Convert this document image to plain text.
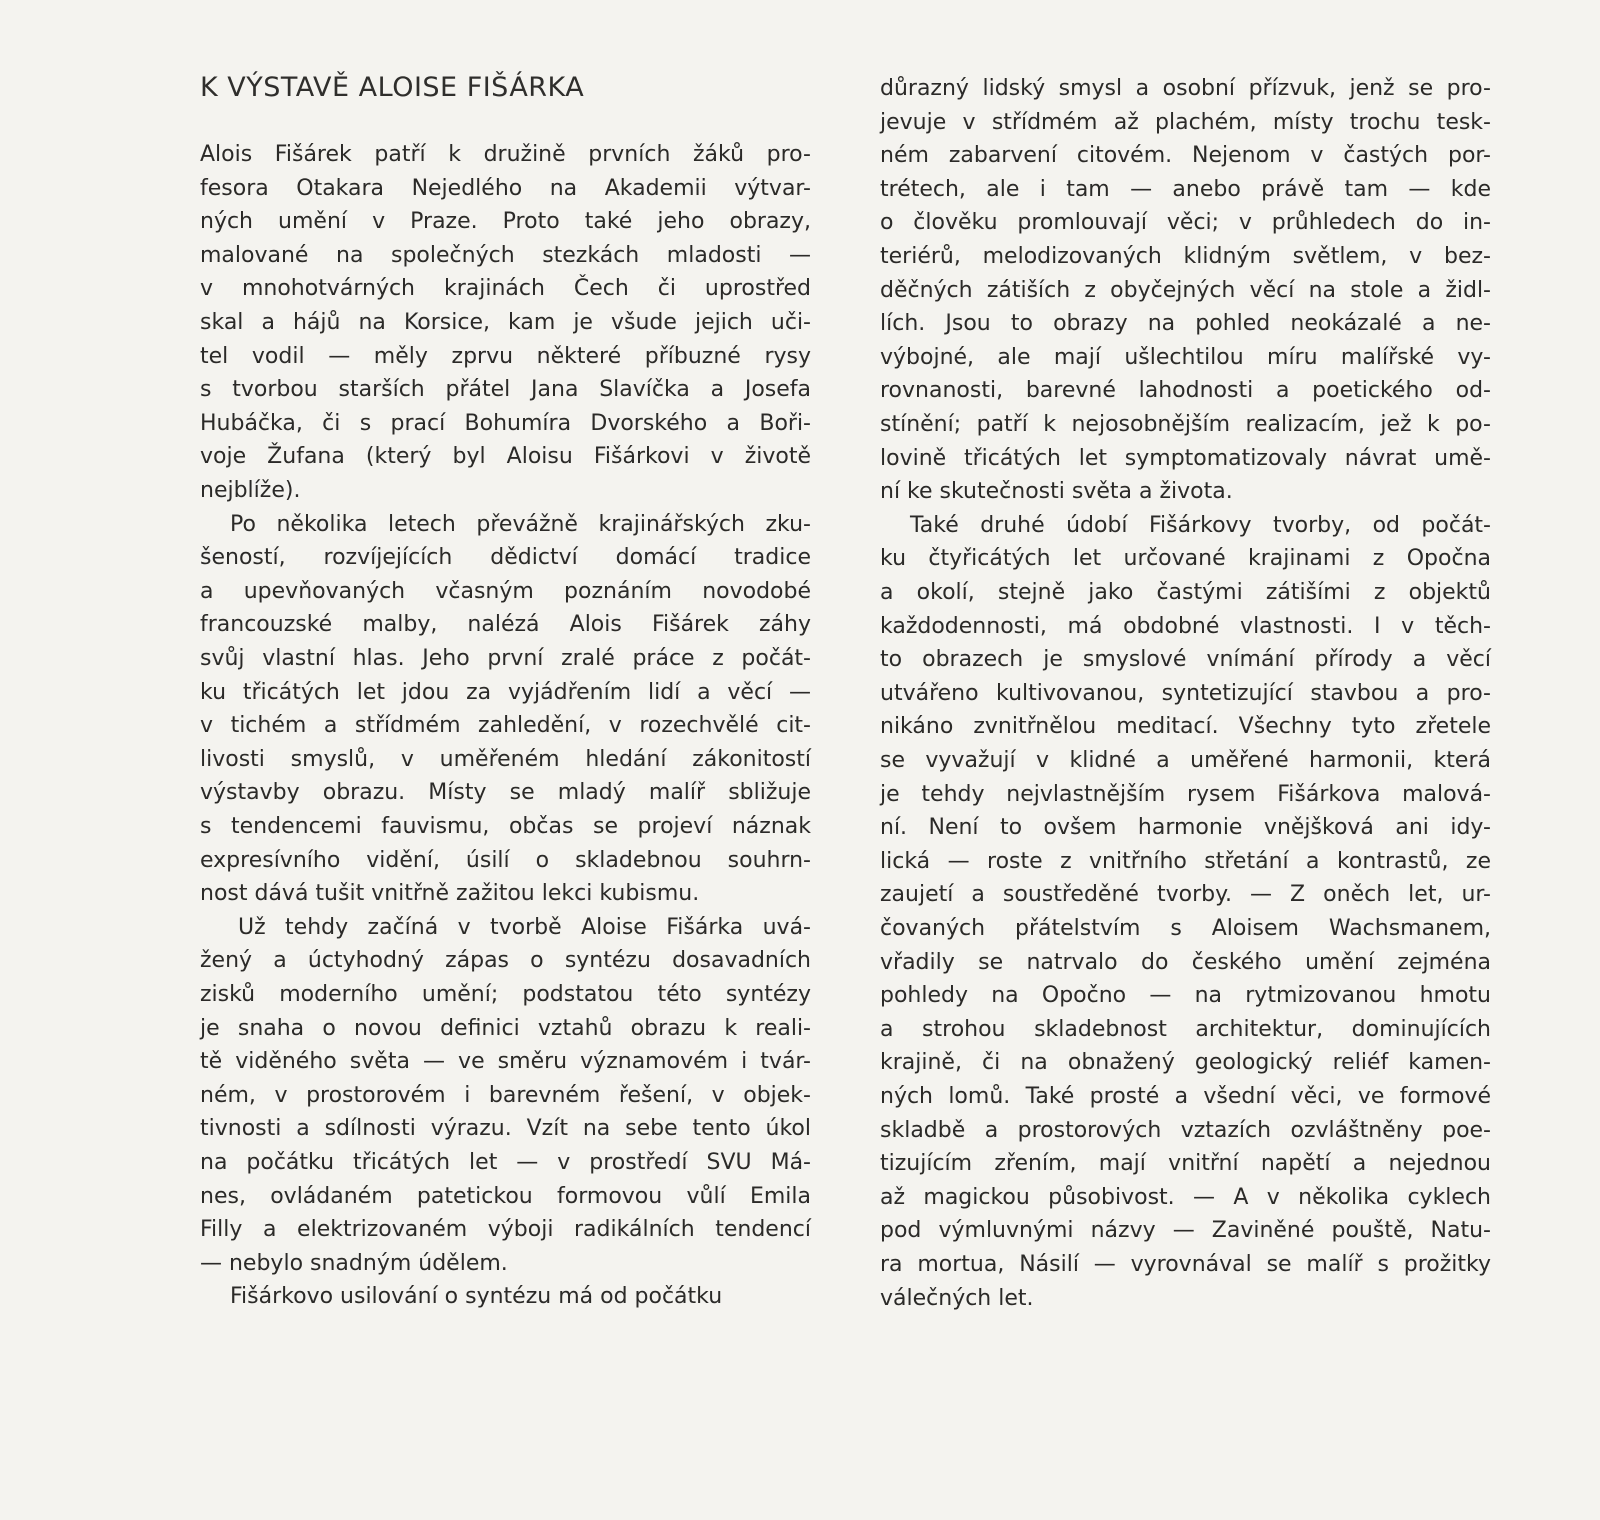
K VÝSTAVĚ ALOISE FIŠÁRKA
Alois Fišárek patří k družině prvních žáků pro-
fesora Otakara Nejedlého na Akademii výtvar-
ných umění v Praze. Proto také jeho obrazy,
malované na společných stezkách mladosti —
v mnohotvárných krajinách Čech či uprostřed
skal a hájů na Korsice, kam je všude jejich uči-
tel vodil — měly zprvu některé příbuzné rysy
s tvorbou starších přátel Jana Slavíčka a Josefa
Hubáčka, či s prací Bohumíra Dvorského a Boři-
voje Žufana (který byl Aloisu Fišárkovi v životě
nejblíže).
Po několika letech převážně krajinářských zku-
šeností, rozvíjejících dědictví domácí tradice
a upevňovaných včasným poznáním novodobé
francouzské malby, nalézá Alois Fišárek záhy
svůj vlastní hlas. Jeho první zralé práce z počát-
ku třicátých let jdou za vyjádřením lidí a věcí —
v tichém a střídmém zahledění, v rozechvělé cit-
livosti smyslů, v uměřeném hledání zákonitostí
výstavby obrazu. Místy se mladý malíř sbližuje
s tendencemi fauvismu, občas se projeví náznak
expresívního vidění, úsilí o skladebnou souhrn-
nost dává tušit vnitřně zažitou lekci kubismu.
Už tehdy začíná v tvorbě Aloise Fišárka uvá-
žený a úctyhodný zápas o syntézu dosavadních
zisků moderního umění; podstatou této syntézy
je snaha o novou definici vztahů obrazu k reali-
tě viděného světa — ve směru významovém i tvár-
ném, v prostorovém i barevném řešení, v objek-
tivnosti a sdílnosti výrazu. Vzít na sebe tento úkol
na počátku třicátých let — v prostředí SVU Má-
nes, ovládaném patetickou formovou vůlí Emila
Filly a elektrizovaném výboji radikálních tendencí
— nebylo snadným údělem.
Fišárkovo usilování o syntézu má od počátku
důrazný lidský smysl a osobní přízvuk, jenž se pro-
jevuje v střídmém až plachém, místy trochu tesk-
ném zabarvení citovém. Nejenom v častých por-
trétech, ale i tam — anebo právě tam — kde
o člověku promlouvají věci; v průhledech do in-
teriérů, melodizovaných klidným světlem, v bez-
děčných zátiších z obyčejných věcí na stole a židl-
lích. Jsou to obrazy na pohled neokázalé a ne-
výbojné, ale mají ušlechtilou míru malířské vy-
rovnanosti, barevné lahodnosti a poetického od-
stínění; patří k nejosobnějším realizacím, jež k po-
lovině třicátých let symptomatizovaly návrat umě-
ní ke skutečnosti světa a života.
Také druhé údobí Fišárkovy tvorby, od počát-
ku čtyřicátých let určované krajinami z Opočna
a okolí, stejně jako častými zátišími z objektů
každodennosti, má obdobné vlastnosti. I v těch-
to obrazech je smyslové vnímání přírody a věcí
utvářeno kultivovanou, syntetizující stavbou a pro-
nikáno zvnitřnělou meditací. Všechny tyto zřetele
se vyvažují v klidné a uměřené harmonii, která
je tehdy nejvlastnějším rysem Fišárkova malová-
ní. Není to ovšem harmonie vnějšková ani idy-
lická — roste z vnitřního střetání a kontrastů, ze
zaujetí a soustředěné tvorby. — Z oněch let, ur-
čovaných přátelstvím s Aloisem Wachsmanem,
vřadily se natrvalo do českého umění zejména
pohledy na Opočno — na rytmizovanou hmotu
a strohou skladebnost architektur, dominujících
krajině, či na obnažený geologický reliéf kamen-
ných lomů. Také prosté a všední věci, ve formové
skladbě a prostorových vztazích ozvláštněny poe-
tizujícím zřením, mají vnitřní napětí a nejednou
až magickou působivost. — A v několika cyklech
pod výmluvnými názvy — Zaviněné pouště, Natu-
ra mortua, Násilí — vyrovnával se malíř s prožitky
válečných let.
